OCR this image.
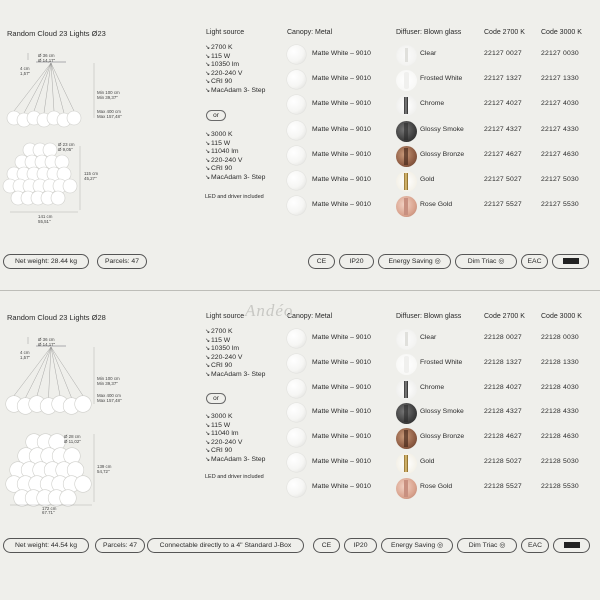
Random Cloud 23 Lights Ø23	Light source	Canopy: Metal	Diffuser: Blown glass	Code 2700 K Code 3000 K
↘2700 K
↘115 W
↘10350 lm
↘220-240 V
↘CRI 90
↘MacAdam 3- Step
or
↘3000 K
↘115 W
↘11040 lm
↘220-240 V
↘CRI 90
↘MacAdam 3- Step
LED and driver included
Matte White – 9010	Clear	22127 0027	22127 0030
Matte White – 9010	Frosted White	22127 1327	22127 1330
Matte White – 9010	Chrome	22127 4027	22127 4030
Matte White – 9010	Glossy Smoke	22127 4327	22127 4330
Matte White – 9010	Glossy Bronze	22127 4627	22127 4630
Matte White – 9010	Gold	22127 5027	22127 5030
Matte White – 9010	Rose Gold	22127 5527	22127 5530
Ø 36 cm
Ø 14,17"
4 cm
1,57"
Min 100 cm
Min 39,37"
Max 400 cm
Max 157,48"
Ø 23 cm
Ø 9,05"
115 cm
45,27"
141 cm
55,51"
Net weight: 28.44 kg	Parcels: 47	CE	IP20	Energy Saving ◎	Dim Triac ◎	EAC
Random Cloud 23 Lights Ø28	Light source	Canopy: Metal	Diffuser: Blown glass	Code 2700 K Code 3000 K
↘2700 K
↘115 W
↘10350 lm
↘220-240 V
↘CRI 90
↘MacAdam 3- Step
or
↘3000 K
↘115 W
↘11040 lm
↘220-240 V
↘CRI 90
↘MacAdam 3- Step
LED and driver included
Matte White – 9010	Clear	22128 0027	22128 0030
Matte White – 9010	Frosted White	22128 1327	22128 1330
Matte White – 9010	Chrome	22128 4027	22128 4030
Matte White – 9010	Glossy Smoke	22128 4327	22128 4330
Matte White – 9010	Glossy Bronze	22128 4627	22128 4630
Matte White – 9010	Gold	22128 5027	22128 5030
Matte White – 9010	Rose Gold	22128 5527	22128 5530
Ø 36 cm
Ø 14,17"
4 cm
1,57"
Min 100 cm
Min 39,37"
Max 400 cm
Max 157,48"
Ø 28 cm
Ø 11,02"
139 cm
54,72"
172 cm
67,71"
Net weight: 44.54 kg	Parcels: 47	Connectable directly to a 4" Standard J-Box	CE	IP20	Energy Saving ◎	Dim Triac ◎	EAC
Andéo
